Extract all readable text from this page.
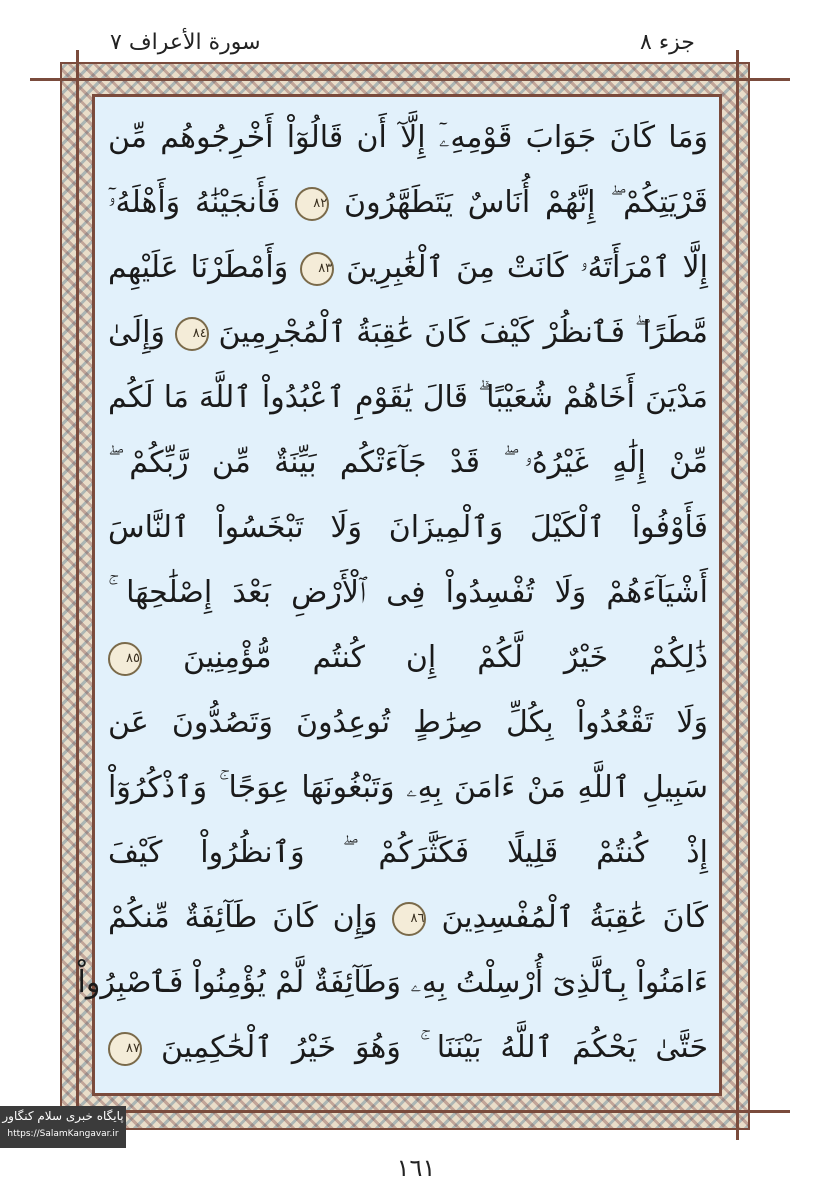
جزء ٨
سورة الأعراف ٧
وَمَا كَانَ جَوَابَ قَوْمِهِۦٓ إِلَّآ أَن قَالُوٓاْ أَخْرِجُوهُم مِّن
قَرْيَتِكُمْ ۖ إِنَّهُمْ أُنَاسٌ يَتَطَهَّرُونَ ٨٢ فَأَنجَيْنَٰهُ وَأَهْلَهُۥٓ
إِلَّا ٱمْرَأَتَهُۥ كَانَتْ مِنَ ٱلْغَٰبِرِينَ ٨٣ وَأَمْطَرْنَا عَلَيْهِم
مَّطَرًا ۖ فَٱنظُرْ كَيْفَ كَانَ عَٰقِبَةُ ٱلْمُجْرِمِينَ ٨٤ وَإِلَىٰ
مَدْيَنَ أَخَاهُمْ شُعَيْبًا ۗ قَالَ يَٰقَوْمِ ٱعْبُدُواْ ٱللَّهَ مَا لَكُم
مِّنْ إِلَٰهٍ غَيْرُهُۥ ۖ قَدْ جَآءَتْكُم بَيِّنَةٌ مِّن رَّبِّكُمْ ۖ
فَأَوْفُواْ ٱلْكَيْلَ وَٱلْمِيزَانَ وَلَا تَبْخَسُواْ ٱلنَّاسَ
أَشْيَآءَهُمْ وَلَا تُفْسِدُواْ فِى ٱلْأَرْضِ بَعْدَ إِصْلَٰحِهَا ۚ
ذَٰلِكُمْ خَيْرٌ لَّكُمْ إِن كُنتُم مُّؤْمِنِينَ ٨٥
وَلَا تَقْعُدُواْ بِكُلِّ صِرَٰطٍ تُوعِدُونَ وَتَصُدُّونَ عَن
سَبِيلِ ٱللَّهِ مَنْ ءَامَنَ بِهِۦ وَتَبْغُونَهَا عِوَجًا ۚ وَٱذْكُرُوٓاْ
إِذْ كُنتُمْ قَلِيلًا فَكَثَّرَكُمْ ۖ وَٱنظُرُواْ كَيْفَ
كَانَ عَٰقِبَةُ ٱلْمُفْسِدِينَ ٨٦ وَإِن كَانَ طَآئِفَةٌ مِّنكُمْ
ءَامَنُواْ بِٱلَّذِىٓ أُرْسِلْتُ بِهِۦ وَطَآئِفَةٌ لَّمْ يُؤْمِنُواْ فَٱصْبِرُواْ
حَتَّىٰ يَحْكُمَ ٱللَّهُ بَيْنَنَا ۚ وَهُوَ خَيْرُ ٱلْحَٰكِمِينَ ٨٧
پایگاه خبری سلام کنگاور
https://SalamKangavar.ir
١٦١
